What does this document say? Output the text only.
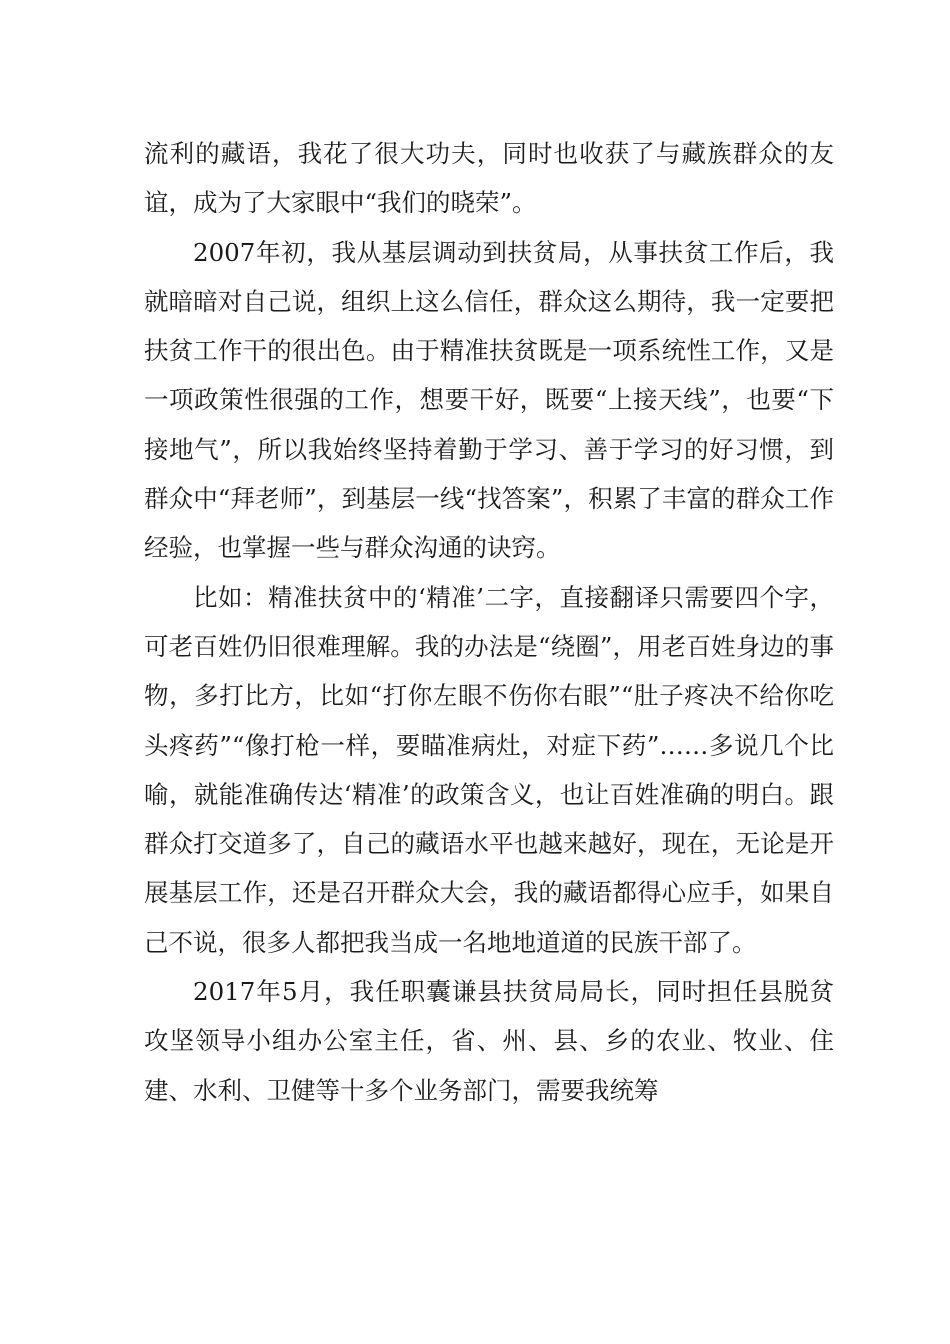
流利的藏语，我花了很大功夫，同时也收获了与藏族群众的友谊，成为了大家眼中“我们的晓荣”。

2007年初，我从基层调动到扶贫局，从事扶贫工作后，我就暗暗对自己说，组织上这么信任，群众这么期待，我一定要把扶贫工作干的很出色。由于精准扶贫既是一项系统性工作，又是一项政策性很强的工作，想要干好，既要“上接天线”，也要“下接地气”，所以我始终坚持着勤于学习、善于学习的好习惯，到群众中“拜老师”，到基层一线“找答案”，积累了丰富的群众工作经验，也掌握一些与群众沟通的诀窍。

比如：精准扶贫中的‘精准’二字，直接翻译只需要四个字，可老百姓仍旧很难理解。我的办法是“绕圈”，用老百姓身边的事物，多打比方，比如“打你左眼不伤你右眼”“肚子疼决不给你吃头疼药”“像打枪一样，要瞄准病灶，对症下药”……多说几个比喻，就能准确传达‘精准’的政策含义，也让百姓准确的明白。跟群众打交道多了，自己的藏语水平也越来越好，现在，无论是开展基层工作，还是召开群众大会，我的藏语都得心应手，如果自己不说，很多人都把我当成一名地地道道的民族干部了。

2017年5月，我任职囊谦县扶贫局局长，同时担任县脱贫攻坚领导小组办公室主任，省、州、县、乡的农业、牧业、住建、水利、卫健等十多个业务部门，需要我统筹
